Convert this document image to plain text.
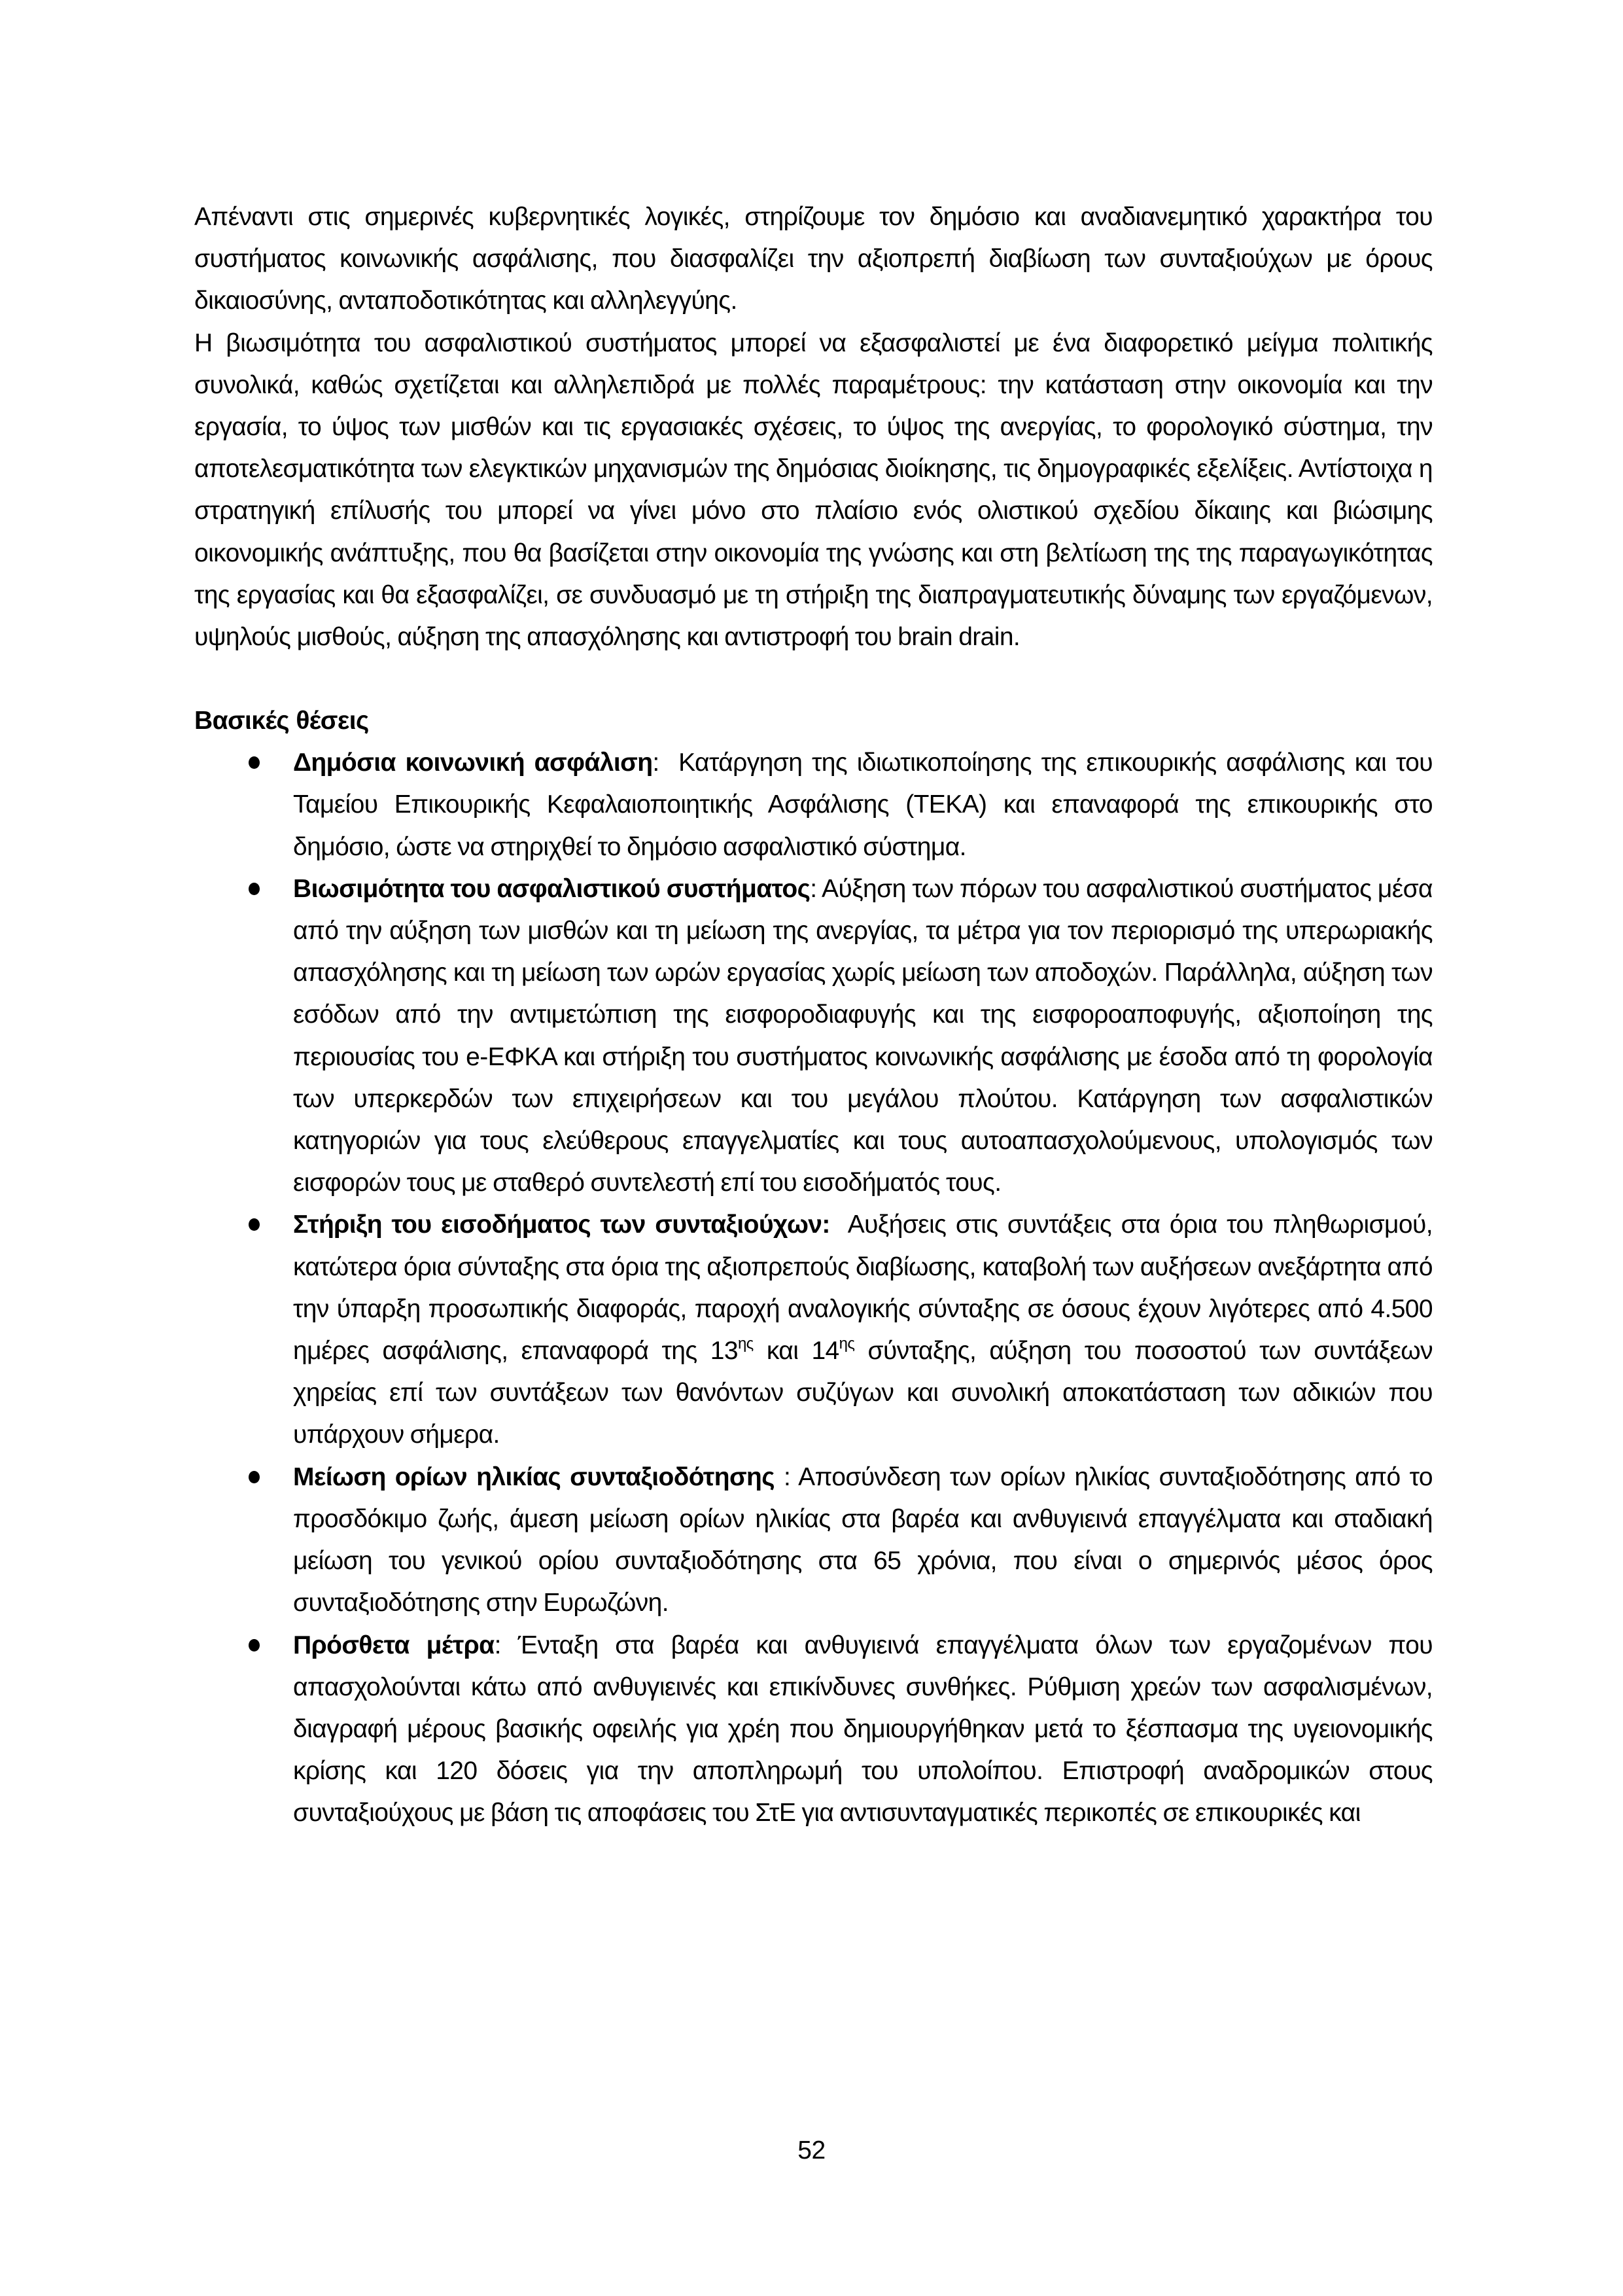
Απέναντι στις σημερινές κυβερνητικές λογικές, στηρίζουμε τον δημόσιο και αναδιανεμητικό χαρακτήρα του συστήματος κοινωνικής ασφάλισης, που διασφαλίζει την αξιοπρεπή διαβίωση των συνταξιούχων με όρους δικαιοσύνης, ανταποδοτικότητας και αλληλεγγύης.

Η βιωσιμότητα του ασφαλιστικού συστήματος μπορεί να εξασφαλιστεί με ένα διαφορετικό μείγμα πολιτικής συνολικά, καθώς σχετίζεται και αλληλεπιδρά με πολλές παραμέτρους: την κατάσταση στην οικονομία και την εργασία, το ύψος των μισθών και τις εργασιακές σχέσεις, το ύψος της ανεργίας, το φορολογικό σύστημα, την αποτελεσματικότητα των ελεγκτικών μηχανισμών της δημόσιας διοίκησης, τις δημογραφικές εξελίξεις. Αντίστοιχα η στρατηγική επίλυσής του μπορεί να γίνει μόνο στο πλαίσιο ενός ολιστικού σχεδίου δίκαιης και βιώσιμης οικονομικής ανάπτυξης, που θα βασίζεται στην οικονομία της γνώσης και στη βελτίωση της της παραγωγικότητας της εργασίας και θα εξασφαλίζει, σε συνδυασμό με τη στήριξη της διαπραγματευτικής δύναμης των εργαζόμενων, υψηλούς μισθούς, αύξηση της απασχόλησης και αντιστροφή του brain drain.

Βασικές θέσεις
Δημόσια κοινωνική ασφάλιση:  Κατάργηση της ιδιωτικοποίησης της επικουρικής ασφάλισης και του Ταμείου Επικουρικής Κεφαλαιοποιητικής Ασφάλισης (ΤΕΚΑ) και επαναφορά της επικουρικής στο δημόσιο, ώστε να στηριχθεί το δημόσιο ασφαλιστικό σύστημα.
Βιωσιμότητα του ασφαλιστικού συστήματος: Αύξηση των πόρων του ασφαλιστικού συστήματος μέσα από την αύξηση των μισθών και τη μείωση της ανεργίας, τα μέτρα για τον περιορισμό της υπερωριακής απασχόλησης και τη μείωση των ωρών εργασίας χωρίς μείωση των αποδοχών. Παράλληλα, αύξηση των εσόδων από την αντιμετώπιση της εισφοροδιαφυγής και της εισφοροαποφυγής, αξιοποίηση της περιουσίας του e-ΕΦΚΑ και στήριξη του συστήματος κοινωνικής ασφάλισης με έσοδα από τη φορολογία των υπερκερδών των επιχειρήσεων και του μεγάλου πλούτου. Κατάργηση των ασφαλιστικών κατηγοριών για τους ελεύθερους επαγγελματίες και τους αυτοαπασχολούμενους, υπολογισμός των εισφορών τους με σταθερό συντελεστή επί του εισοδήματός τους.
Στήριξη του εισοδήματος των συνταξιούχων: Αυξήσεις στις συντάξεις στα όρια του πληθωρισμού, κατώτερα όρια σύνταξης στα όρια της αξιοπρεπούς διαβίωσης, καταβολή των αυξήσεων ανεξάρτητα από την ύπαρξη προσωπικής διαφοράς, παροχή αναλογικής σύνταξης σε όσους έχουν λιγότερες από 4.500 ημέρες ασφάλισης, επαναφορά της $13^{\eta\varsigma}$ και $14^{\eta\varsigma}$ σύνταξης, αύξηση του ποσοστού των συντάξεων χηρείας επί των συντάξεων των θανόντων συζύγων και συνολική αποκατάσταση των αδικιών που υπάρχουν σήμερα.
Μείωση ορίων ηλικίας συνταξιοδότησης : Αποσύνδεση των ορίων ηλικίας συνταξιοδότησης από το προσδόκιμο ζωής, άμεση μείωση ορίων ηλικίας στα βαρέα και ανθυγιεινά επαγγέλματα και σταδιακή μείωση του γενικού ορίου συνταξιοδότησης στα 65 χρόνια, που είναι ο σημερινός μέσος όρος συνταξιοδότησης στην Ευρωζώνη.
Πρόσθετα μέτρα: Ένταξη στα βαρέα και ανθυγιεινά επαγγέλματα όλων των εργαζομένων που απασχολούνται κάτω από ανθυγιεινές και επικίνδυνες συνθήκες. Ρύθμιση χρεών των ασφαλισμένων, διαγραφή μέρους βασικής οφειλής για χρέη που δημιουργήθηκαν μετά το ξέσπασμα της υγειονομικής κρίσης και 120 δόσεις για την αποπληρωμή του υπολοίπου. Επιστροφή αναδρομικών στους συνταξιούχους με βάση τις αποφάσεις του ΣτΕ για αντισυνταγματικές περικοπές σε επικουρικές και
52
